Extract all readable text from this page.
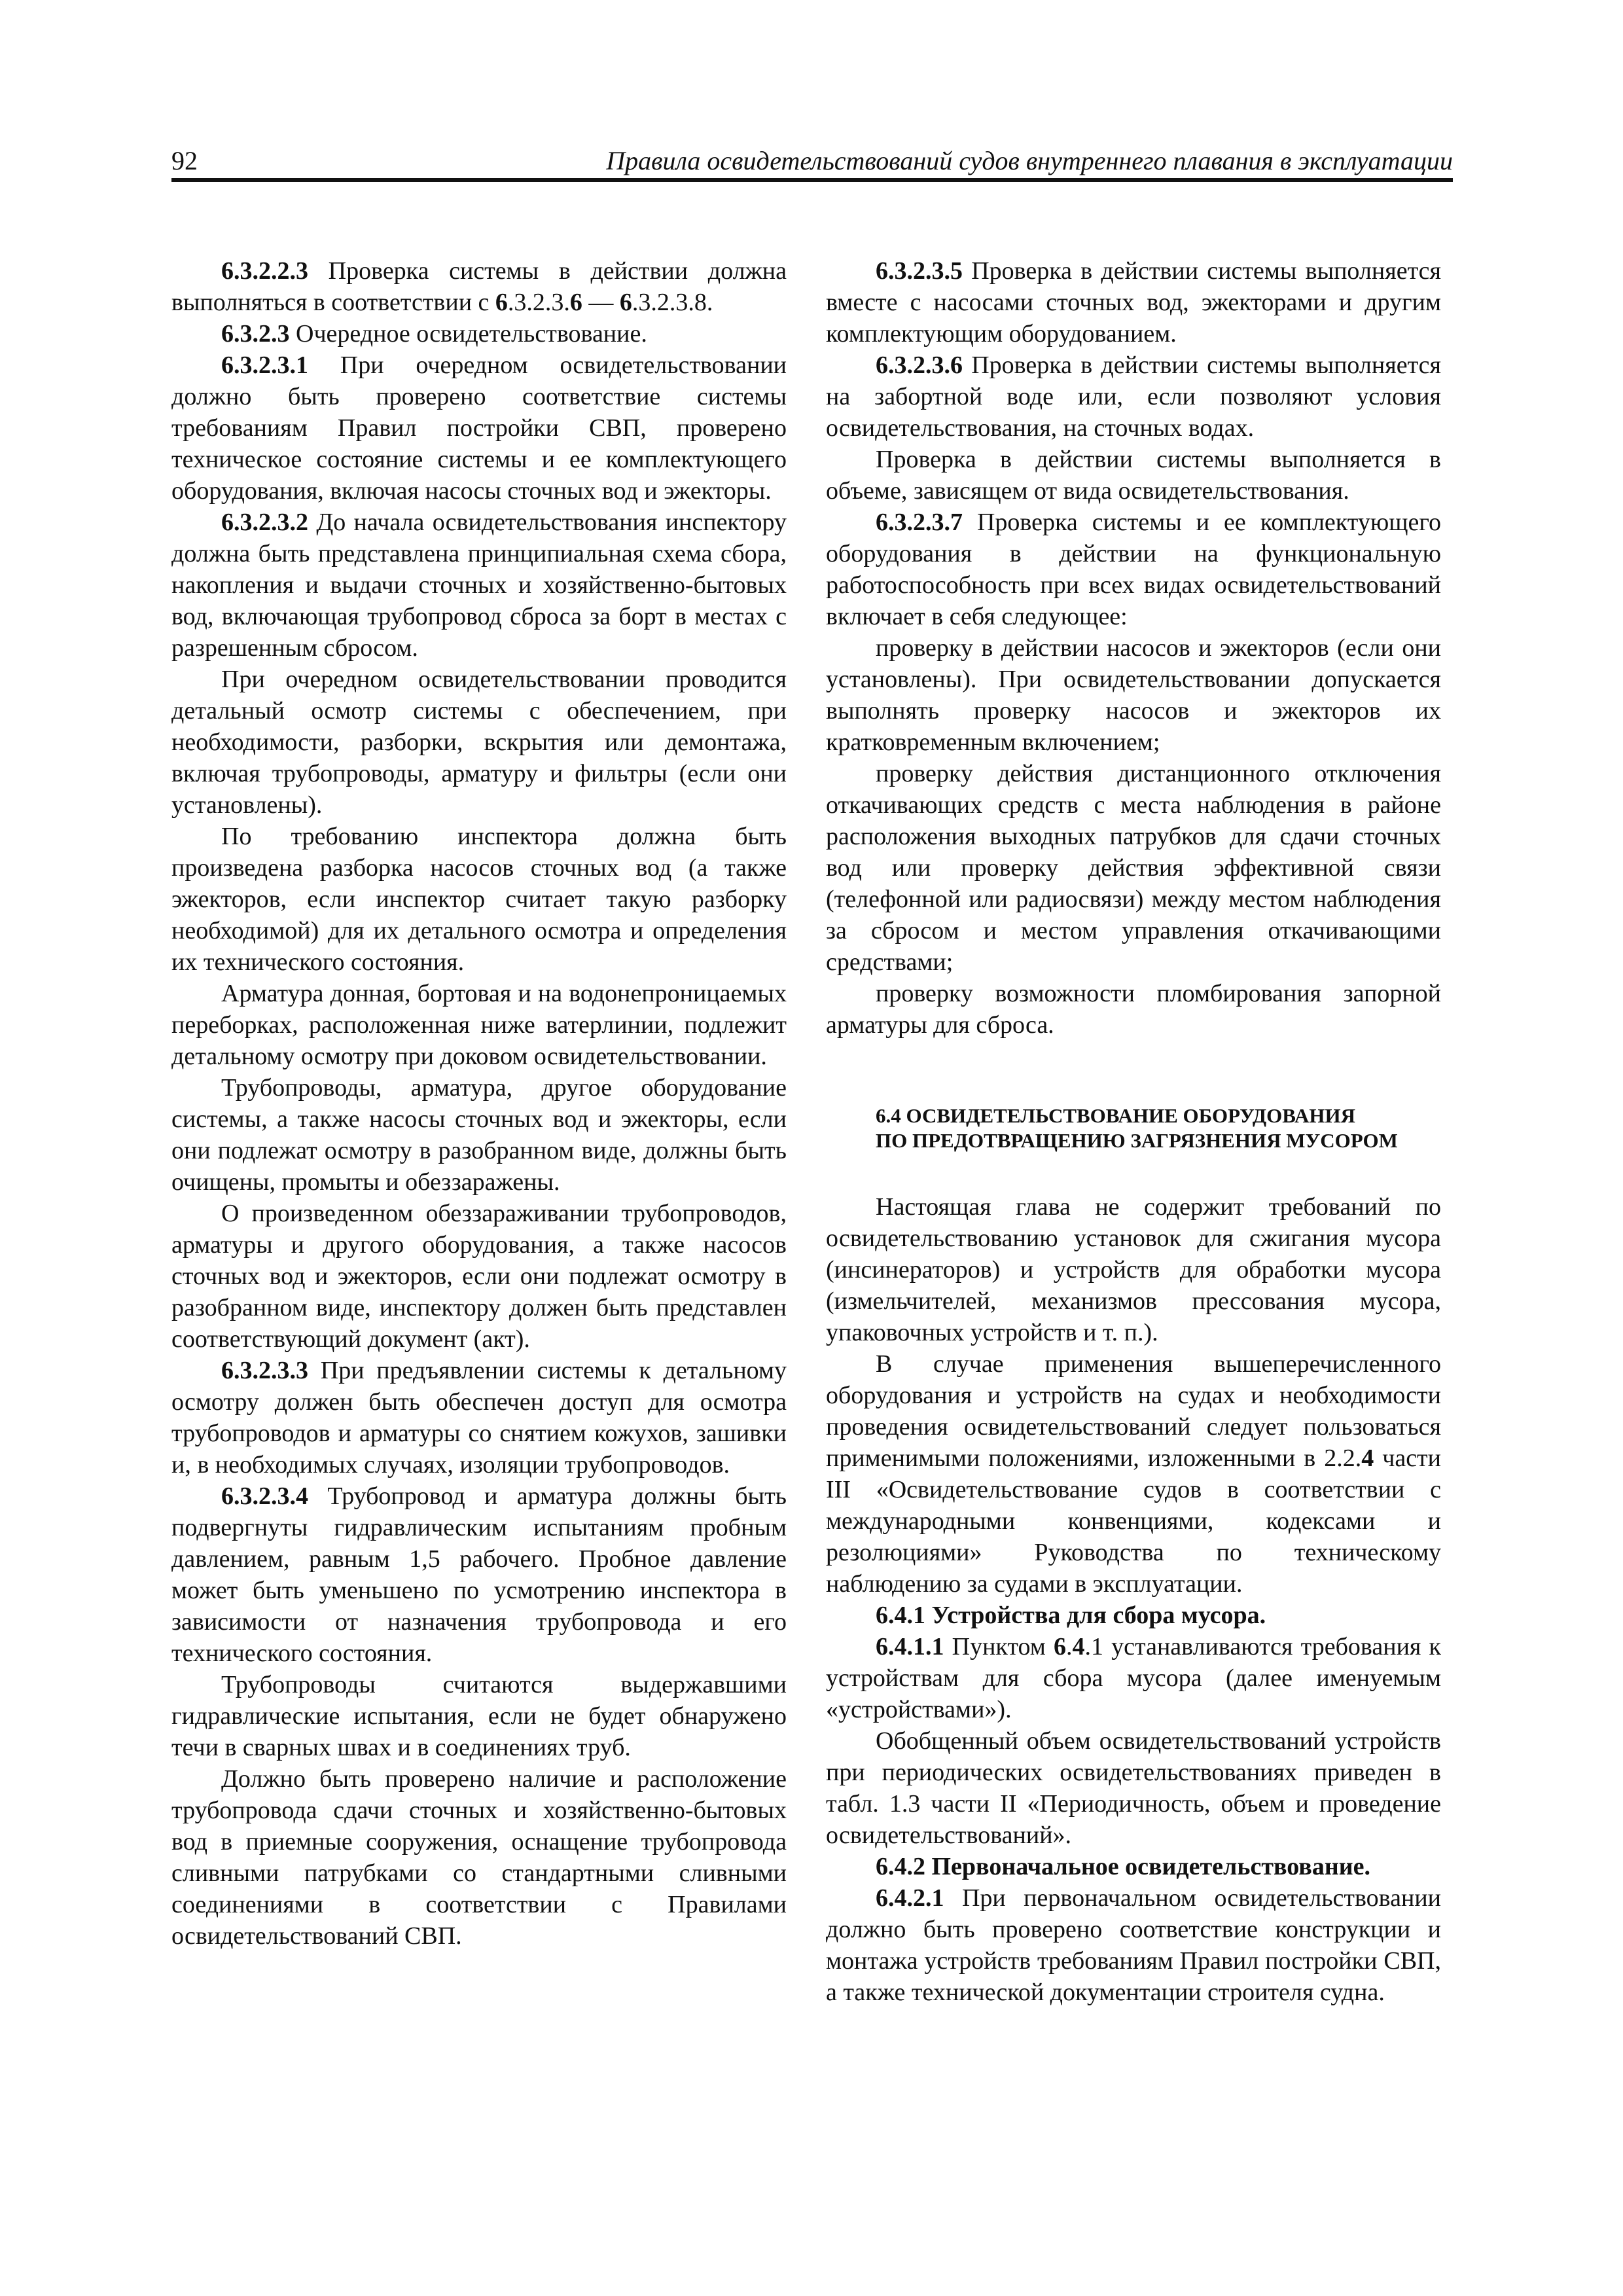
92	Правила освидетельствований судов внутреннего плавания в эксплуатации

6.3.2.2.3 Проверка системы в действии должна выполняться в соответствии с 6.3.2.3.6 — 6.3.2.3.8.

6.3.2.3 Очередное освидетельствование.

6.3.2.3.1 При очередном освидетельствовании должно быть проверено соответствие системы требованиям Правил постройки СВП, проверено техническое состояние системы и ее комплектующего оборудования, включая насосы сточных вод и эжекторы.

6.3.2.3.2 До начала освидетельствования инспектору должна быть представлена принципиальная схема сбора, накопления и выдачи сточных и хозяйственно-бытовых вод, включающая трубопровод сброса за борт в местах с разрешенным сбросом.

При очередном освидетельствовании проводится детальный осмотр системы с обеспечением, при необходимости, разборки, вскрытия или демонтажа, включая трубопроводы, арматуру и фильтры (если они установлены).

По требованию инспектора должна быть произведена разборка насосов сточных вод (а также эжекторов, если инспектор считает такую разборку необходимой) для их детального осмотра и определения их технического состояния.

Арматура донная, бортовая и на водонепроницаемых переборках, расположенная ниже ватерлинии, подлежит детальному осмотру при доковом освидетельствовании.

Трубопроводы, арматура, другое оборудование системы, а также насосы сточных вод и эжекторы, если они подлежат осмотру в разобранном виде, должны быть очищены, промыты и обеззаражены.

О произведенном обеззараживании трубопроводов, арматуры и другого оборудования, а также насосов сточных вод и эжекторов, если они подлежат осмотру в разобранном виде, инспектору должен быть представлен соответствующий документ (акт).

6.3.2.3.3 При предъявлении системы к детальному осмотру должен быть обеспечен доступ для осмотра трубопроводов и арматуры со снятием кожухов, зашивки и, в необходимых случаях, изоляции трубопроводов.

6.3.2.3.4 Трубопровод и арматура должны быть подвергнуты гидравлическим испытаниям пробным давлением, равным 1,5 рабочего. Пробное давление может быть уменьшено по усмотрению инспектора в зависимости от назначения трубопровода и его технического состояния.

Трубопроводы считаются выдержавшими гидравлические испытания, если не будет обнаружено течи в сварных швах и в соединениях труб.

Должно быть проверено наличие и расположение трубопровода сдачи сточных и хозяйственно-бытовых вод в приемные сооружения, оснащение трубопровода сливными патрубками со стандартными сливными соединениями в соответствии с Правилами освидетельствований СВП.

6.3.2.3.5 Проверка в действии системы выполняется вместе с насосами сточных вод, эжекторами и другим комплектующим оборудованием.

6.3.2.3.6 Проверка в действии системы выполняется на забортной воде или, если позволяют условия освидетельствования, на сточных водах.

Проверка в действии системы выполняется в объеме, зависящем от вида освидетельствования.

6.3.2.3.7 Проверка системы и ее комплектующего оборудования в действии на функциональную работоспособность при всех видах освидетельствований включает в себя следующее:

проверку в действии насосов и эжекторов (если они установлены). При освидетельствовании допускается выполнять проверку насосов и эжекторов их кратковременным включением;

проверку действия дистанционного отключения откачивающих средств с места наблюдения в районе расположения выходных патрубков для сдачи сточных вод или проверку действия эффективной связи (телефонной или радиосвязи) между местом наблюдения за сбросом и местом управления откачивающими средствами;

проверку возможности пломбирования запорной арматуры для сброса.

6.4 ОСВИДЕТЕЛЬСТВОВАНИЕ ОБОРУДОВАНИЯ

ПО ПРЕДОТВРАЩЕНИЮ ЗАГРЯЗНЕНИЯ МУСОРОМ

Настоящая глава не содержит требований по освидетельствованию установок для сжигания мусора (инсинераторов) и устройств для обработки мусора (измельчителей, механизмов прессования мусора, упаковочных устройств и т. п.).

В случае применения вышеперечисленного оборудования и устройств на судах и необходимости проведения освидетельствований следует пользоваться применимыми положениями, изложенными в 2.2.4 части III «Освидетельствование судов в соответствии с международными конвенциями, кодексами и резолюциями» Руководства по техническому наблюдению за судами в эксплуатации.

6.4.1 Устройства для сбора мусора.

6.4.1.1 Пунктом 6.4.1 устанавливаются требования к устройствам для сбора мусора (далее именуемым «устройствами»).

Обобщенный объем освидетельствований устройств при периодических освидетельствованиях приведен в табл. 1.3 части II «Периодичность, объем и проведение освидетельствований».

6.4.2 Первоначальное освидетельствование.

6.4.2.1 При первоначальном освидетельствовании должно быть проверено соответствие конструкции и монтажа устройств требованиям Правил постройки СВП, а также технической документации строителя судна.
